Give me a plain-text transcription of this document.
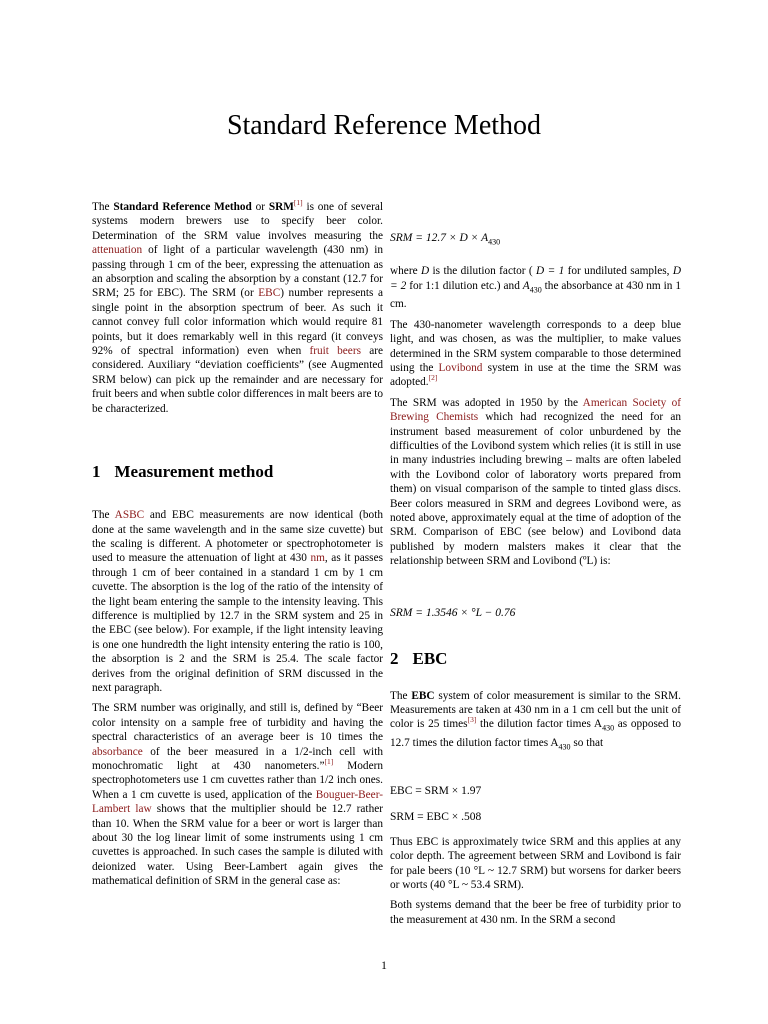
Standard Reference Method

The Standard Reference Method or SRM[1] is one of several systems modern brewers use to specify beer color. Determination of the SRM value involves measuring the attenuation of light of a particular wavelength (430 nm) in passing through 1 cm of the beer, expressing the attenuation as an absorption and scaling the absorption by a constant (12.7 for SRM; 25 for EBC). The SRM (or EBC) number represents a single point in the absorption spectrum of beer. As such it cannot convey full color information which would require 81 points, but it does remarkably well in this regard (it conveys 92% of spectral information) even when fruit beers are considered. Auxiliary “deviation coefficients” (see Augmented SRM below) can pick up the remainder and are necessary for fruit beers and when subtle color differences in malt beers are to be characterized.

1 Measurement method

The ASBC and EBC measurements are now identical (both done at the same wavelength and in the same size cuvette) but the scaling is different. A photometer or spectrophotometer is used to measure the attenuation of light at 430 nm, as it passes through 1 cm of beer contained in a standard 1 cm by 1 cm cuvette. The absorption is the log of the ratio of the intensity of the light beam entering the sample to the intensity leaving. This difference is multiplied by 12.7 in the SRM system and 25 in the EBC (see below). For example, if the light intensity leaving is one one hundredth the light intensity entering the ratio is 100, the absorption is 2 and the SRM is 25.4. The scale factor derives from the original definition of SRM discussed in the next paragraph.

The SRM number was originally, and still is, defined by “Beer color intensity on a sample free of turbidity and having the spectral characteristics of an average beer is 10 times the absorbance of the beer measured in a 1/2-inch cell with monochromatic light at 430 nanometers.”[1] Modern spectrophotometers use 1 cm cuvettes rather than 1/2 inch ones. When a 1 cm cuvette is used, application of the Bouguer-Beer-Lambert law shows that the multiplier should be 12.7 rather than 10. When the SRM value for a beer or wort is larger than about 30 the log linear limit of some instruments using 1 cm cuvettes is approached. In such cases the sample is diluted with deionized water. Using Beer-Lambert again gives the mathematical definition of SRM in the general case as:

SRM = $12.7 \times D \times A_{430}$

where D is the dilution factor ( D = 1 for undiluted samples, D = 2 for 1:1 dilution etc.) and $A_{430}$ the absorbance at 430 nm in 1 cm.

The 430-nanometer wavelength corresponds to a deep blue light, and was chosen, as was the multiplier, to make values determined in the SRM system comparable to those determined using the Lovibond system in use at the time the SRM was adopted.[2]

The SRM was adopted in 1950 by the American Society of Brewing Chemists which had recognized the need for an instrument based measurement of color unburdened by the difficulties of the Lovibond system which relies (it is still in use in many industries including brewing – malts are often labeled with the Lovibond color of laboratory worts prepared from them) on visual comparison of the sample to tinted glass discs. Beer colors measured in SRM and degrees Lovibond were, as noted above, approximately equal at the time of adoption of the SRM. Comparison of EBC (see below) and Lovibond data published by modern malsters makes it clear that the relationship between SRM and Lovibond (ºL) is:

SRM = 1.3546 × °L − 0.76
2 EBC

The EBC system of color measurement is similar to the SRM. Measurements are taken at 430 nm in a 1 cm cell but the unit of color is 25 times[3] the dilution factor times $A_{430}$ as opposed to 12.7 times the dilution factor times $A_{430}$ so that

EBC = SRM × 1.97
SRM = EBC × .508

Thus EBC is approximately twice SRM and this applies at any color depth. The agreement between SRM and Lovibond is fair for pale beers (10 °L ~ 12.7 SRM) but worsens for darker beers or worts (40 °L ~ 53.4 SRM).

Both systems demand that the beer be free of turbidity prior to the measurement at 430 nm. In the SRM a second

1
